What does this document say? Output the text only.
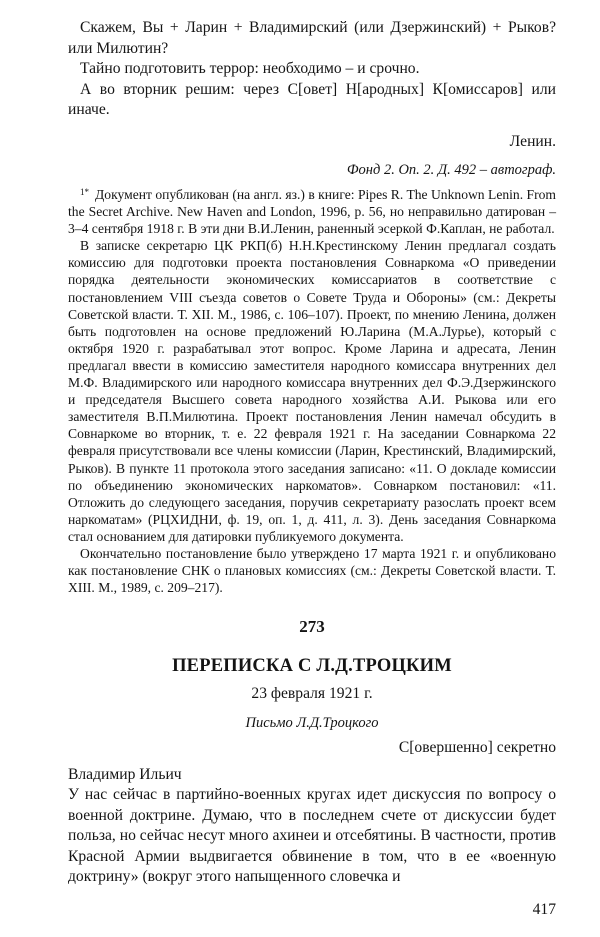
Скажем, Вы + Ларин + Владимирский (или Дзержинский) + Рыков? или Милютин?

Тайно подготовить террор: необходимо – и срочно.

А во вторник решим: через С[овет] Н[ародных] К[омиссаров] или иначе.

Ленин.

Фонд 2. Оп. 2. Д. 492 – автограф.

$^{1*}$ Документ опубликован (на англ. яз.) в книге: Pipes R. The Unknown Lenin. From the Secret Archive. New Haven and London, 1996, p. 56, но неправильно датирован – 3–4 сентября 1918 г. В эти дни В.И.Ленин, раненный эсеркой Ф.Каплан, не работал.

В записке секретарю ЦК РКП(б) Н.Н.Крестинскому Ленин предлагал создать комиссию для подготовки проекта постановления Совнаркома «О приведении порядка деятельности экономических комиссариатов в соответствие с постановлением VIII съезда советов о Совете Труда и Обороны» (см.: Декреты Советской власти. Т. XII. М., 1986, с. 106–107). Проект, по мнению Ленина, должен быть подготовлен на основе предложений Ю.Ларина (М.А.Лурье), который с октября 1920 г. разрабатывал этот вопрос. Кроме Ларина и адресата, Ленин предлагал ввести в комиссию заместителя народного комиссара внутренних дел М.Ф. Владимирского или народного комиссара внутренних дел Ф.Э.Дзержинского и председателя Высшего совета народного хозяйства А.И. Рыкова или его заместителя В.П.Милютина. Проект постановления Ленин намечал обсудить в Совнаркоме во вторник, т. е. 22 февраля 1921 г. На заседании Совнаркома 22 февраля присутствовали все члены комиссии (Ларин, Крестинский, Владимирский, Рыков). В пункте 11 протокола этого заседания записано: «11. О докладе комиссии по объединению экономических наркоматов». Совнарком постановил: «11. Отложить до следующего заседания, поручив секретариату разослать проект всем наркоматам» (РЦХИДНИ, ф. 19, оп. 1, д. 411, л. 3). День заседания Совнаркома стал основанием для датировки публикуемого документа.

Окончательно постановление было утверждено 17 марта 1921 г. и опубликовано как постановление СНК о плановых комиссиях (см.: Декреты Советской власти. Т. XIII. М., 1989, с. 209–217).

273
ПЕРЕПИСКА С Л.Д.ТРОЦКИМ
23 февраля 1921 г.
Письмо Л.Д.Троцкого
С[овершенно] секретно
Владимир Ильич

У нас сейчас в партийно-военных кругах идет дискуссия по вопросу о военной доктрине. Думаю, что в последнем счете от дискуссии будет польза, но сейчас несут много ахинеи и отсебятины. В частности, против Красной Армии выдвигается обвинение в том, что в ее «военную доктрину» (вокруг этого напыщенного словечка и

417
